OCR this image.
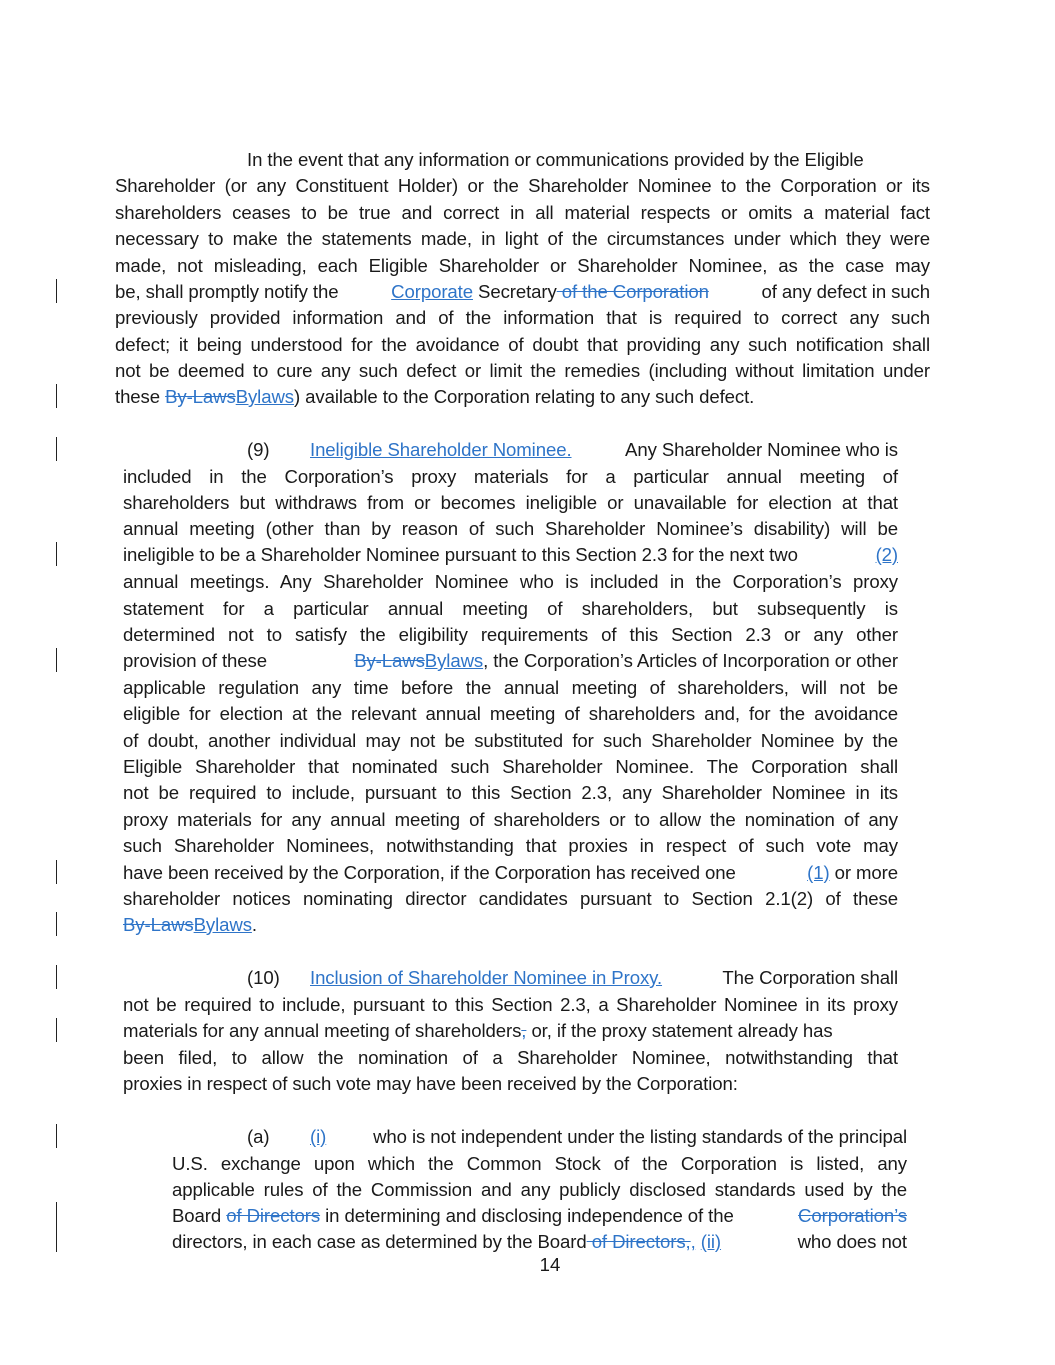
In the event that any information or communications provided by the Eligible
Shareholder (or any Constituent Holder) or the Shareholder Nominee to the Corporation or its
shareholders ceases to be true and correct in all material respects or omits a material fact
necessary to make the statements made, in light of the circumstances under which they were
made, not misleading, each Eligible Shareholder or Shareholder Nominee, as the case may
be, shall promptly notify the	Corporate Secretary of the Corporation	of any defect in such
previously provided information and of the information that is required to correct any such
defect; it being understood for the avoidance of doubt that providing any such notification shall
not be deemed to cure any such defect or limit the remedies (including without limitation under
these By-LawsBylaws) available to the Corporation relating to any such defect.
(9) Ineligible Shareholder Nominee.	Any Shareholder Nominee who is
included in the Corporation’s proxy materials for a particular annual meeting of
shareholders but withdraws from or becomes ineligible or unavailable for election at that
annual meeting (other than by reason of such Shareholder Nominee’s disability) will be
ineligible to be a Shareholder Nominee pursuant to this Section 2.3 for the next two	(2)
annual meetings. Any Shareholder Nominee who is included in the Corporation’s proxy
statement for a particular annual meeting of shareholders, but subsequently is
determined not to satisfy the eligibility requirements of this Section 2.3 or any other
provision of these	By-LawsBylaws, the Corporation’s Articles of Incorporation or other
applicable regulation any time before the annual meeting of shareholders, will not be
eligible for election at the relevant annual meeting of shareholders and, for the avoidance
of doubt, another individual may not be substituted for such Shareholder Nominee by the
Eligible Shareholder that nominated such Shareholder Nominee. The Corporation shall
not be required to include, pursuant to this Section 2.3, any Shareholder Nominee in its
proxy materials for any annual meeting of shareholders or to allow the nomination of any
such Shareholder Nominees, notwithstanding that proxies in respect of such vote may
have been received by the Corporation, if the Corporation has received one	(1) or more
shareholder notices nominating director candidates pursuant to Section 2.1(2) of these
By-LawsBylaws.
(10) Inclusion of Shareholder Nominee in Proxy.	The Corporation shall
not be required to include, pursuant to this Section 2.3, a Shareholder Nominee in its proxy
materials for any annual meeting of shareholders, or, if the proxy statement already has
been filed, to allow the nomination of a Shareholder Nominee, notwithstanding that
proxies in respect of such vote may have been received by the Corporation:
(a) (i)	who is not independent under the listing standards of the principal
U.S. exchange upon which the Common Stock of the Corporation is listed, any
applicable rules of the Commission and any publicly disclosed standards used by the
Board of Directors in determining and disclosing independence of the	Corporation’s
directors, in each case as determined by the Board of Directors,, (ii)	who does not
14
